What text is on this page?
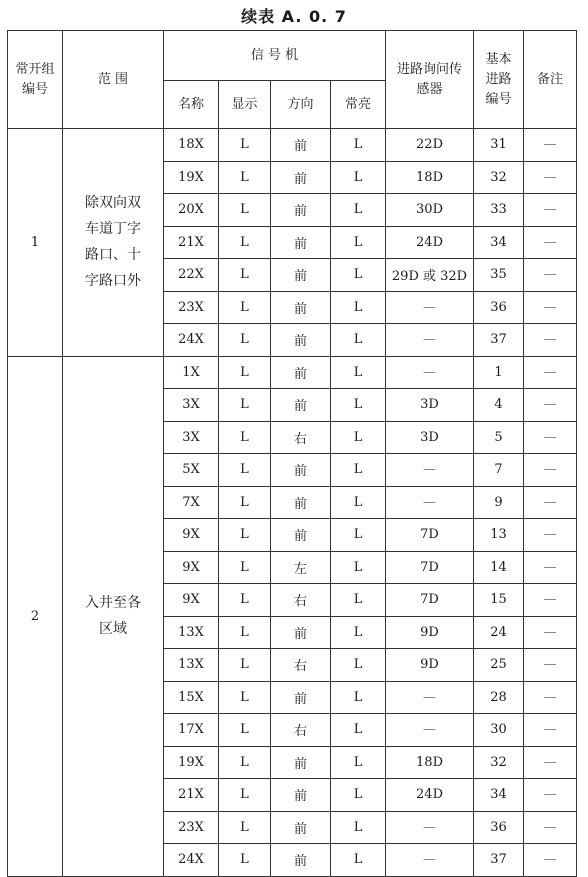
续表 A. 0. 7
常开组编号	范 围	信 号 机				进路询问传感器	基本进路编号	备注
		名称	显示	方向	常亮			
1	除双向双车道丁字路口、十字路口外	18X	L	前	L	22D	31	—
		19X	L	前	L	18D	32	—
		20X	L	前	L	30D	33	—
		21X	L	前	L	24D	34	—
		22X	L	前	L	29D 或 32D	35	—
		23X	L	前	L	—	36	—
		24X	L	前	L	—	37	—
2	入井至各区域	1X	L	前	L	—	1	—
		3X	L	前	L	3D	4	—
		3X	L	右	L	3D	5	—
		5X	L	前	L	—	7	—
		7X	L	前	L	—	9	—
		9X	L	前	L	7D	13	—
		9X	L	左	L	7D	14	—
		9X	L	右	L	7D	15	—
		13X	L	前	L	9D	24	—
		13X	L	右	L	9D	25	—
		15X	L	前	L	—	28	—
		17X	L	右	L	—	30	—
		19X	L	前	L	18D	32	—
		21X	L	前	L	24D	34	—
		23X	L	前	L	—	36	—
		24X	L	前	L	—	37	—
